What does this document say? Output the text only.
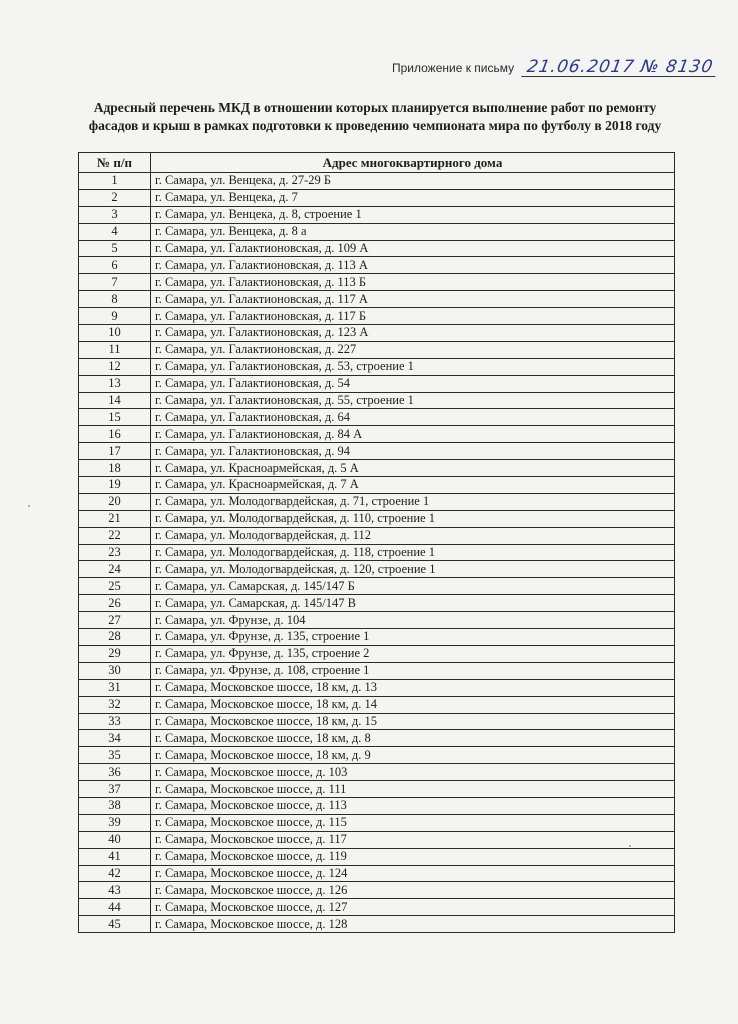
Приложение к письму 21.06.2017 № 8130
Адресный перечень МКД в отношении которых планируется выполнение работ по ремонту
фасадов и крыш в рамках подготовки к проведению чемпионата мира по футболу в 2018 году
№ п/п	Адрес многоквартирного дома
1	г. Самара, ул. Венцека, д. 27-29 Б
2	г. Самара, ул. Венцека, д. 7
3	г. Самара, ул. Венцека, д. 8, строение 1
4	г. Самара, ул. Венцека, д. 8 а
5	г. Самара, ул. Галактионовская, д. 109 А
6	г. Самара, ул. Галактионовская, д. 113 А
7	г. Самара, ул. Галактионовская, д. 113 Б
8	г. Самара, ул. Галактионовская, д. 117 А
9	г. Самара, ул. Галактионовская, д. 117 Б
10	г. Самара, ул. Галактионовская, д. 123 А
11	г. Самара, ул. Галактионовская, д. 227
12	г. Самара, ул. Галактионовская, д. 53, строение 1
13	г. Самара, ул. Галактионовская, д. 54
14	г. Самара, ул. Галактионовская, д. 55, строение 1
15	г. Самара, ул. Галактионовская, д. 64
16	г. Самара, ул. Галактионовская, д. 84 А
17	г. Самара, ул. Галактионовская, д. 94
18	г. Самара, ул. Красноармейская, д. 5 А
19	г. Самара, ул. Красноармейская, д. 7 А
20	г. Самара, ул. Молодогвардейская, д. 71, строение 1
21	г. Самара, ул. Молодогвардейская, д. 110, строение 1
22	г. Самара, ул. Молодогвардейская, д. 112
23	г. Самара, ул. Молодогвардейская, д. 118, строение 1
24	г. Самара, ул. Молодогвардейская, д. 120, строение 1
25	г. Самара, ул. Самарская, д. 145/147 Б
26	г. Самара, ул. Самарская, д. 145/147 В
27	г. Самара, ул. Фрунзе, д. 104
28	г. Самара, ул. Фрунзе, д. 135, строение 1
29	г. Самара, ул. Фрунзе, д. 135, строение 2
30	г. Самара, ул. Фрунзе, д. 108, строение 1
31	г. Самара, Московское шоссе, 18 км, д. 13
32	г. Самара, Московское шоссе, 18 км, д. 14
33	г. Самара, Московское шоссе, 18 км, д. 15
34	г. Самара, Московское шоссе, 18 км, д. 8
35	г. Самара, Московское шоссе, 18 км, д. 9
36	г. Самара, Московское шоссе, д. 103
37	г. Самара, Московское шоссе, д. 111
38	г. Самара, Московское шоссе, д. 113
39	г. Самара, Московское шоссе, д. 115
40	г. Самара, Московское шоссе, д. 117
41	г. Самара, Московское шоссе, д. 119
42	г. Самара, Московское шоссе, д. 124
43	г. Самара, Московское шоссе, д. 126
44	г. Самара, Московское шоссе, д. 127
45	г. Самара, Московское шоссе, д. 128
